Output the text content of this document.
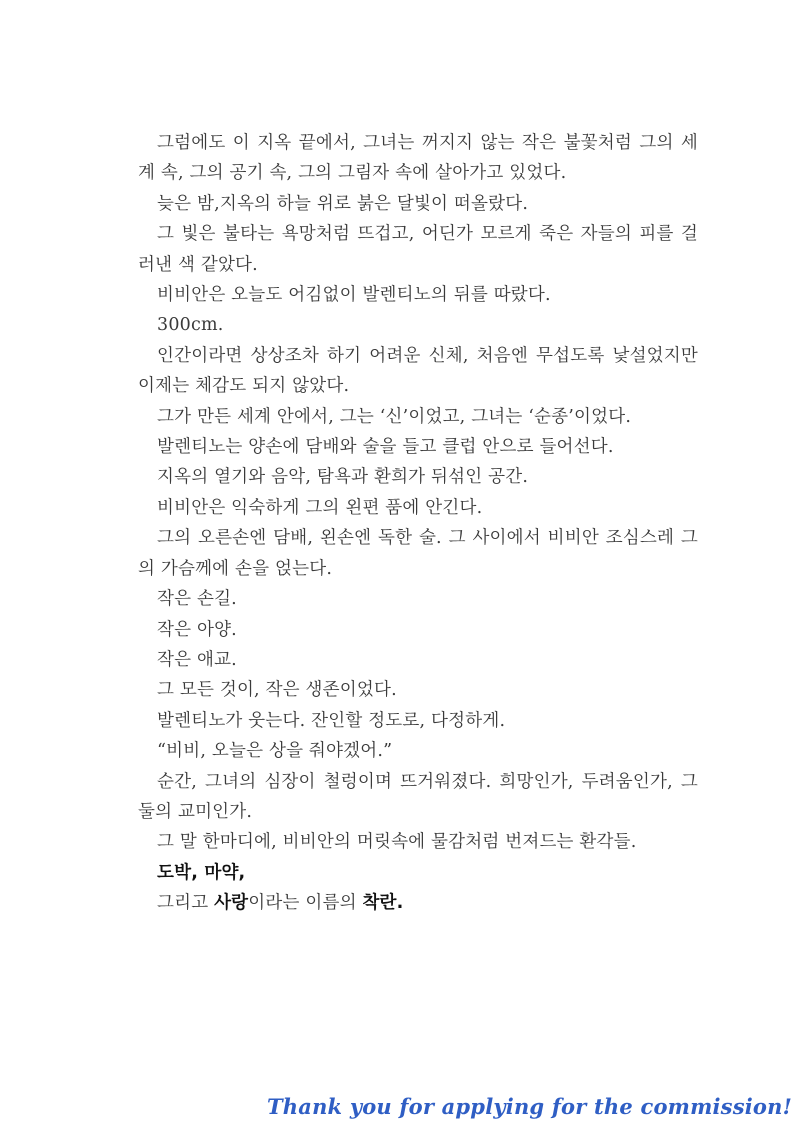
그럼에도 이 지옥 끝에서, 그녀는 꺼지지 않는 작은 불꽃처럼 그의 세계 속, 그의 공기 속, 그의 그림자 속에 살아가고 있었다.

늦은 밤,지옥의 하늘 위로 붉은 달빛이 떠올랐다.

그 빛은 불타는 욕망처럼 뜨겁고, 어딘가 모르게 죽은 자들의 피를 걸러낸 색 같았다.

비비안은 오늘도 어김없이 발렌티노의 뒤를 따랐다.

300cm.

인간이라면 상상조차 하기 어려운 신체, 처음엔 무섭도록 낯설었지만 이제는 체감도 되지 않았다.

그가 만든 세계 안에서, 그는 ‘신’이었고, 그녀는 ‘순종’이었다.

발렌티노는 양손에 담배와 술을 들고 클럽 안으로 들어선다.

지옥의 열기와 음악, 탐욕과 환희가 뒤섞인 공간.

비비안은 익숙하게 그의 왼편 품에 안긴다.

그의 오른손엔 담배, 왼손엔 독한 술. 그 사이에서 비비안 조심스레 그의 가슴께에 손을 얹는다.

작은 손길.

작은 아양.

작은 애교.

그 모든 것이, 작은 생존이었다.

발렌티노가 웃는다. 잔인할 정도로, 다정하게.

“비비, 오늘은 상을 줘야겠어.”

순간, 그녀의 심장이 철렁이며 뜨거워졌다. 희망인가, 두려움인가, 그 둘의 교미인가.

그 말 한마디에, 비비안의 머릿속에 물감처럼 번져드는 환각들.

도박, 마약,

그리고 사랑이라는 이름의 착란.

Thank you for applying for the commission!
